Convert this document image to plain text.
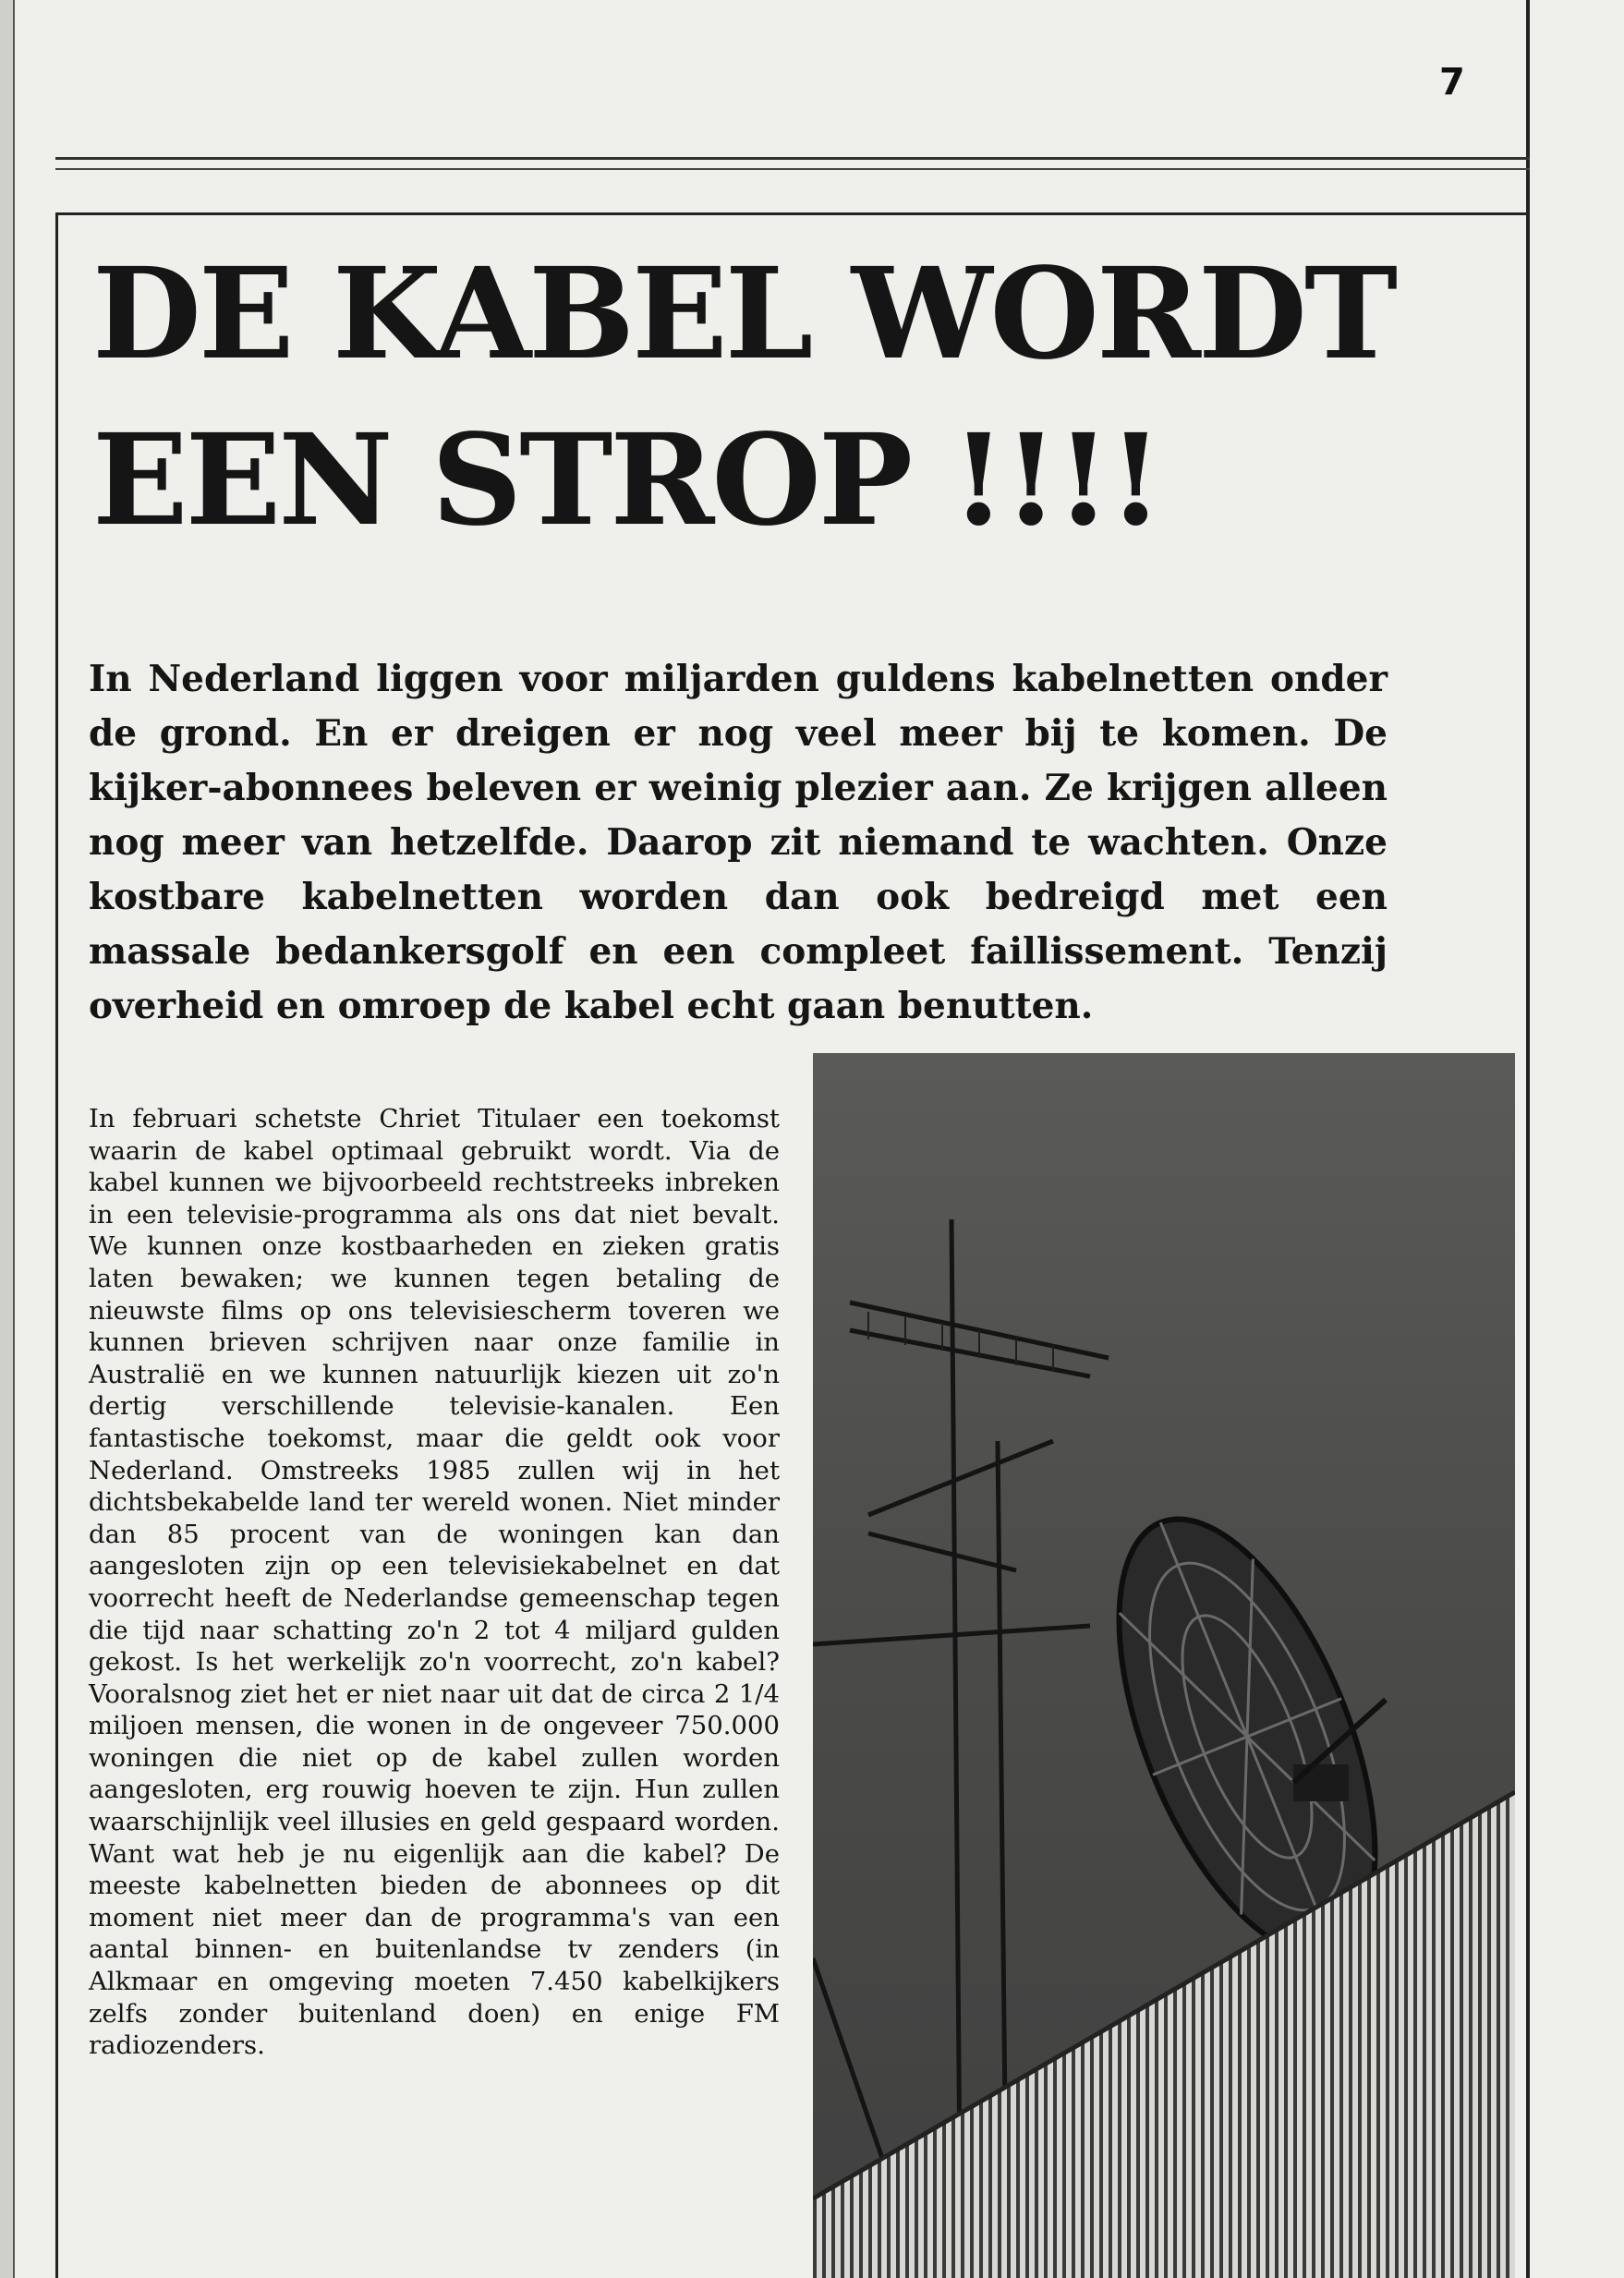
7
DE KABEL WORDT
EEN STROP !!!!

In Nederland liggen voor miljarden guldens kabelnetten onder de grond. En er dreigen er nog veel meer bij te komen. De kijker-abonnees beleven er weinig plezier aan. Ze krijgen alleen nog meer van hetzelfde. Daarop zit niemand te wachten. Onze kostbare kabelnetten worden dan ook bedreigd met een massale bedankersgolf en een compleet faillissement. Tenzij overheid en omroep de kabel echt gaan benutten.

In februari schetste Chriet Titulaer een toekomst waarin de kabel optimaal gebruikt wordt. Via de kabel kunnen we bijvoorbeeld rechtstreeks inbreken in een televisie-programma als ons dat niet bevalt. We kunnen onze kostbaarheden en zieken gratis laten bewaken; we kunnen tegen betaling de nieuwste films op ons televisiescherm toveren we kunnen brieven schrijven naar onze familie in Australië en we kunnen natuurlijk kiezen uit zo'n dertig verschillende televisie-kanalen. Een fantastische toekomst, maar die geldt ook voor Nederland. Omstreeks 1985 zullen wij in het dichtsbekabelde land ter wereld wonen. Niet minder dan 85 procent van de woningen kan dan aangesloten zijn op een televisiekabelnet en dat voorrecht heeft de Nederlandse gemeenschap tegen die tijd naar schatting zo'n 2 tot 4 miljard gulden gekost. Is het werkelijk zo'n voorrecht, zo'n kabel? Vooralsnog ziet het er niet naar uit dat de circa 2 1/4 miljoen mensen, die wonen in de ongeveer 750.000 woningen die niet op de kabel zullen worden aangesloten, erg rouwig hoeven te zijn. Hun zullen waarschijnlijk veel illusies en geld gespaard worden. Want wat heb je nu eigenlijk aan die kabel? De meeste kabelnetten bieden de abonnees op dit moment niet meer dan de programma's van een aantal binnen- en buitenlandse tv zenders (in Alkmaar en omgeving moeten 7.450 kabelkijkers zelfs zonder buitenland doen) en enige FM radiozenders.
